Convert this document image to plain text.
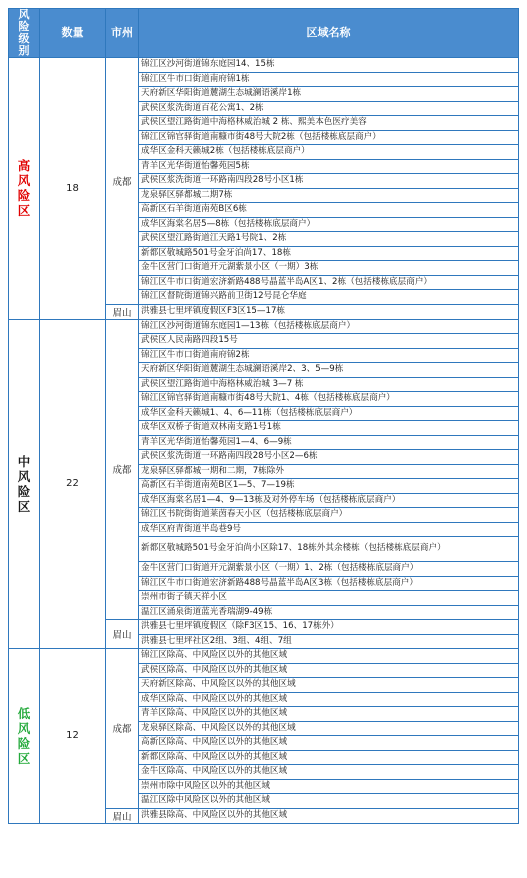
风险级别	数量	市州	区域名称
高风险区	18	成都	锦江区沙河街道锦东庭园14、15栋
			锦江区牛市口街道南府锦1栋
			天府新区华阳街道麓湖生态城澜语溪岸1栋
			武侯区浆洗街道百花公寓1、2栋
			武侯区望江路街道中海格林威治城 2 栋、熙美本色医疗美容
			锦江区锦官驿街道南糠市街48号大院2栋（包括楼栋底层商户）
			成华区金科天籁城2栋（包括楼栋底层商户）
			青羊区光华街道怡馨苑园5栋
			武侯区浆洗街道一环路南四段28号小区1栋
			龙泉驿区驿都城二期7栋
			高新区石羊街道南苑B区6栋
			成华区海棠名居5—8栋（包括楼栋底层商户）
			武侯区望江路街道江天路1号院1、2栋
			新都区敬城路501号金牙泊尚17、18栋
			金牛区营门口街道开元湖紫景小区（一期）3栋
			锦江区牛市口街道宏济新路488号晶蓝半岛A区1、2栋（包括楼栋底层商户）
			锦江区督院街道锦兴路前卫街12号昆仑华庭
		眉山	洪雅县七里坪镇度假区F3区15—17栋
中风险区	22	成都	锦江区沙河街道锦东庭园1—13栋（包括楼栋底层商户）
			武侯区人民南路四段15号
			锦江区牛市口街道南府锦2栋
			天府新区华阳街道麓湖生态城澜语溪岸2、3、5—9栋
			武侯区望江路街道中海格林威治城 3—7 栋
			锦江区锦官驿街道南糠市街48号大院1、4栋（包括楼栋底层商户）
			成华区金科天籁城1、4、6—11栋（包括楼栋底层商户）
			成华区双桥子街道双林南支路1号1栋
			青羊区光华街道怡馨苑园1—4、6—9栋
			武侯区浆洗街道一环路南四段28号小区2—6栋
			龙泉驿区驿都城一期和二期，7栋除外
			高新区石羊街道南苑B区1—5、7—19栋
			成华区海棠名居1—4、9—13栋及对外停车场（包括楼栋底层商户）
			锦江区书院街街道莱茵春天小区（包括楼栋底层商户）
			成华区府青街道半岛巷9号
			新都区敬城路501号金牙泊尚小区除17、18栋外其余楼栋（包括楼栋底层商户）
			金牛区营门口街道开元湖紫景小区（一期）1、2栋（包括楼栋底层商户）
			锦江区牛市口街道宏济新路488号晶蓝半岛A区3栋（包括楼栋底层商户）
			崇州市街子镇天祥小区
			温江区涌泉街道蓝光香瑞湖9-49栋
		眉山	洪雅县七里坪镇度假区（除F3区15、16、17栋外）
			洪雅县七里坪社区2组、3组、4组、7组
低风险区	12	成都	锦江区除高、中风险区以外的其他区域
			武侯区除高、中风险区以外的其他区域
			天府新区除高、中风险区以外的其他区域
			成华区除高、中风险区以外的其他区域
			青羊区除高、中风险区以外的其他区域
			龙泉驿区除高、中风险区以外的其他区域
			高新区除高、中风险区以外的其他区域
			新都区除高、中风险区以外的其他区域
			金牛区除高、中风险区以外的其他区域
			崇州市除中风险区以外的其他区域
			温江区除中风险区以外的其他区域
		眉山	洪雅县除高、中风险区以外的其他区域
